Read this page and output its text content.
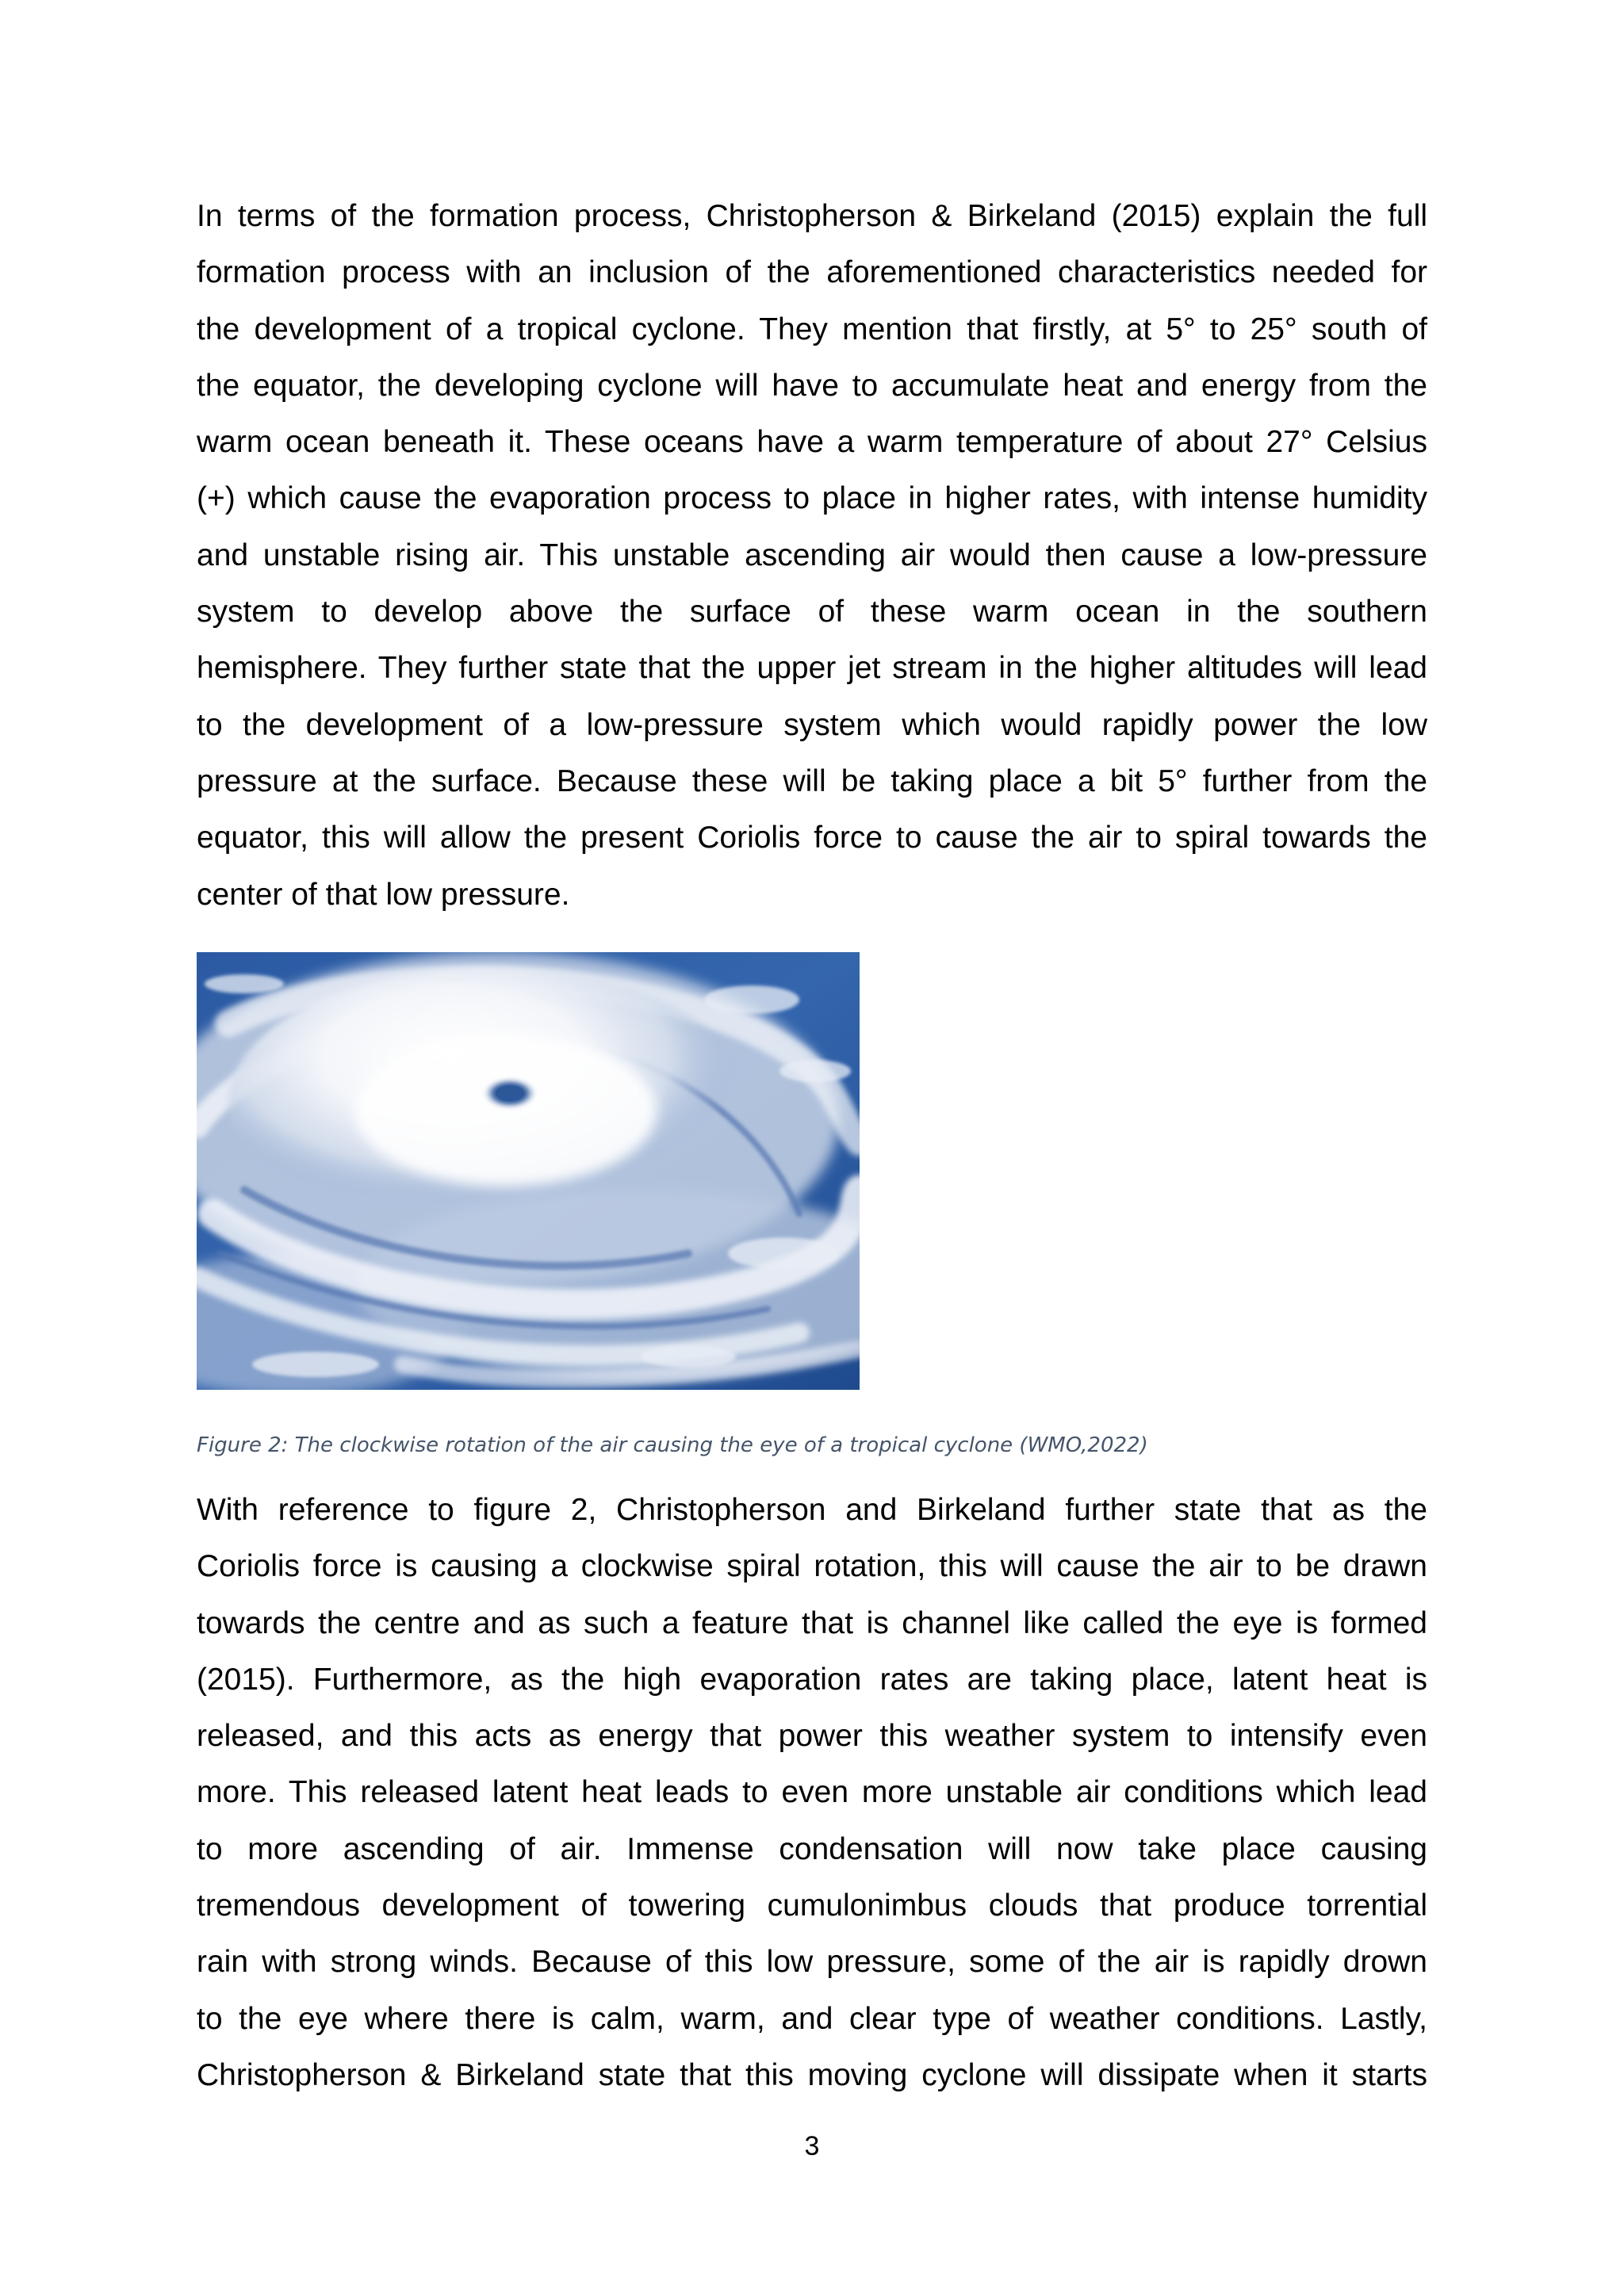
In terms of the formation process, Christopherson & Birkeland (2015) explain the full
formation process with an inclusion of the aforementioned characteristics needed for
the development of a tropical cyclone. They mention that firstly, at 5° to 25° south of
the equator, the developing cyclone will have to accumulate heat and energy from the
warm ocean beneath it. These oceans have a warm temperature of about 27° Celsius
(+) which cause the evaporation process to place in higher rates, with intense humidity
and unstable rising air. This unstable ascending air would then cause a low-pressure
system to develop above the surface of these warm ocean in the southern
hemisphere. They further state that the upper jet stream in the higher altitudes will lead
to the development of a low-pressure system which would rapidly power the low
pressure at the surface. Because these will be taking place a bit 5° further from the
equator, this will allow the present Coriolis force to cause the air to spiral towards the
center of that low pressure.

Figure 2: The clockwise rotation of the air causing the eye of a tropical cyclone (WMO,2022)

With reference to figure 2, Christopherson and Birkeland further state that as the
Coriolis force is causing a clockwise spiral rotation, this will cause the air to be drawn
towards the centre and as such a feature that is channel like called the eye is formed
(2015). Furthermore, as the high evaporation rates are taking place, latent heat is
released, and this acts as energy that power this weather system to intensify even
more. This released latent heat leads to even more unstable air conditions which lead
to more ascending of air. Immense condensation will now take place causing
tremendous development of towering cumulonimbus clouds that produce torrential
rain with strong winds. Because of this low pressure, some of the air is rapidly drown
to the eye where there is calm, warm, and clear type of weather conditions. Lastly,
Christopherson & Birkeland state that this moving cyclone will dissipate when it starts
3
